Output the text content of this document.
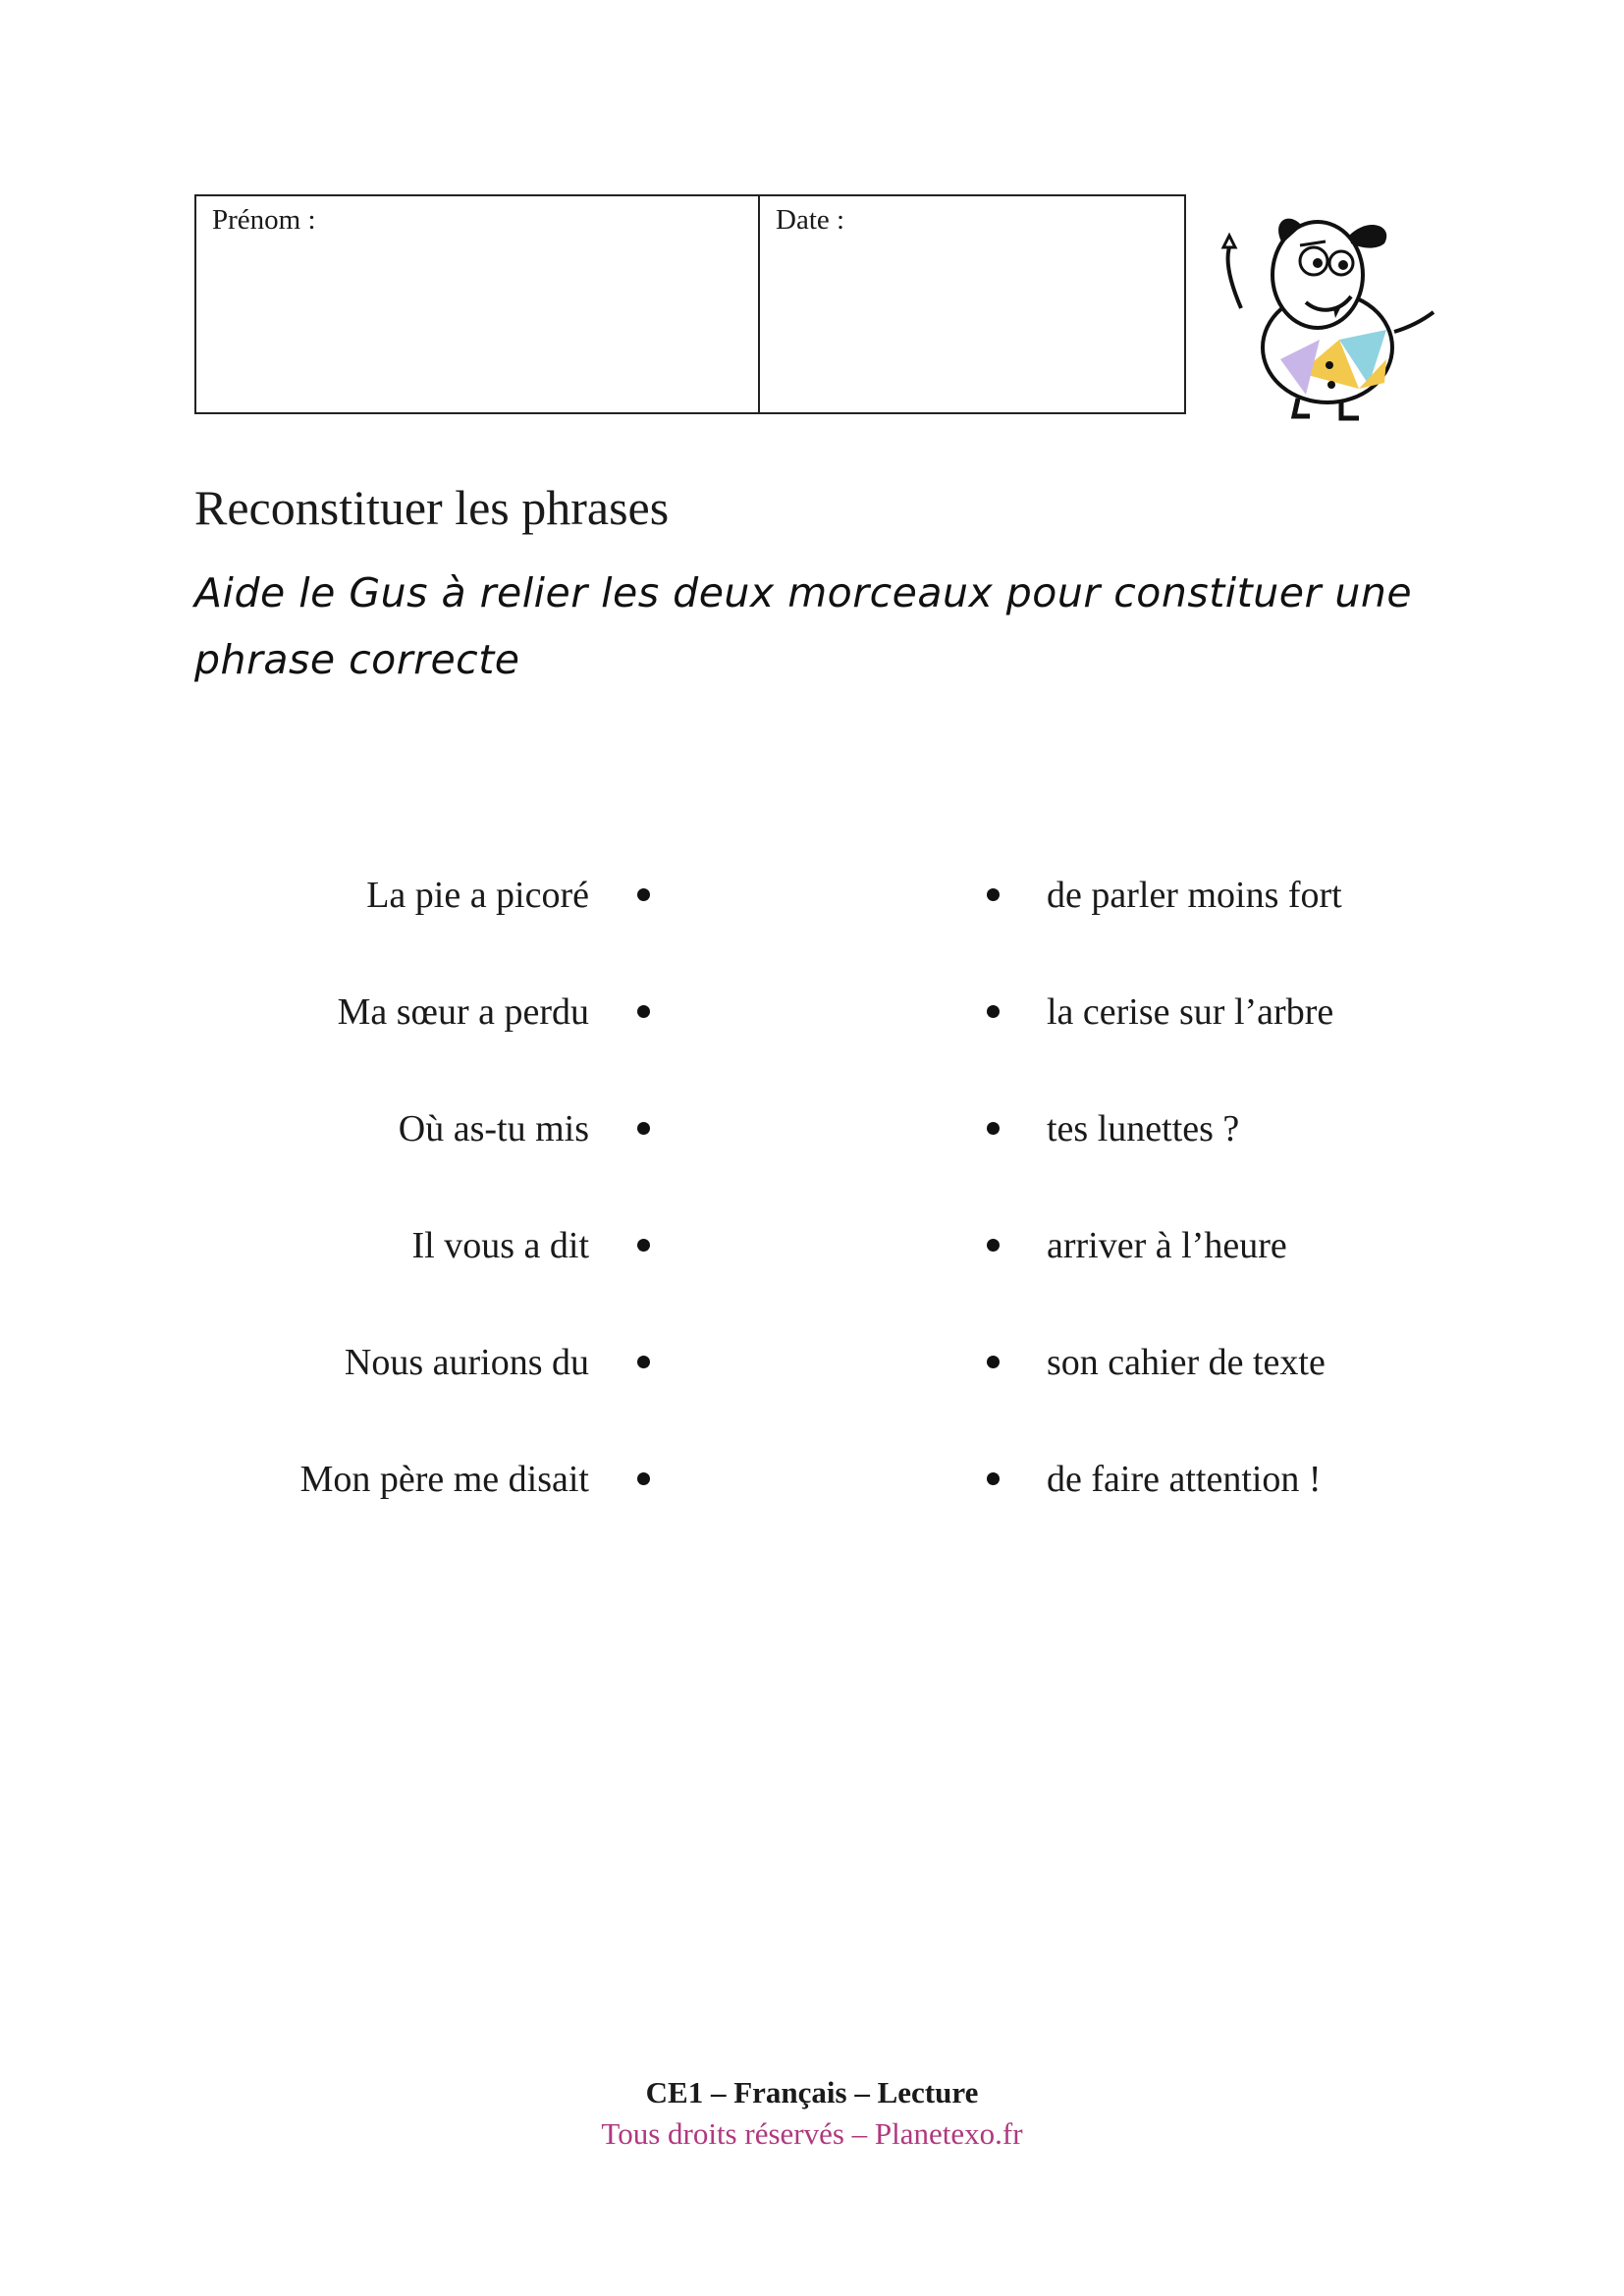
Prénom :	Date :
Reconstituer les phrases
Aide le Gus à relier les deux morceaux pour constituer une phrase correcte
La pie a picoré
Ma sœur a perdu
Où as-tu mis
Il vous a dit
Nous aurions du
Mon père me disait
de parler moins fort
la cerise sur l’arbre
tes lunettes ?
arriver à l’heure
son cahier de texte
de faire attention !
CE1 – Français – Lecture
Tous droits réservés – Planetexo.fr
